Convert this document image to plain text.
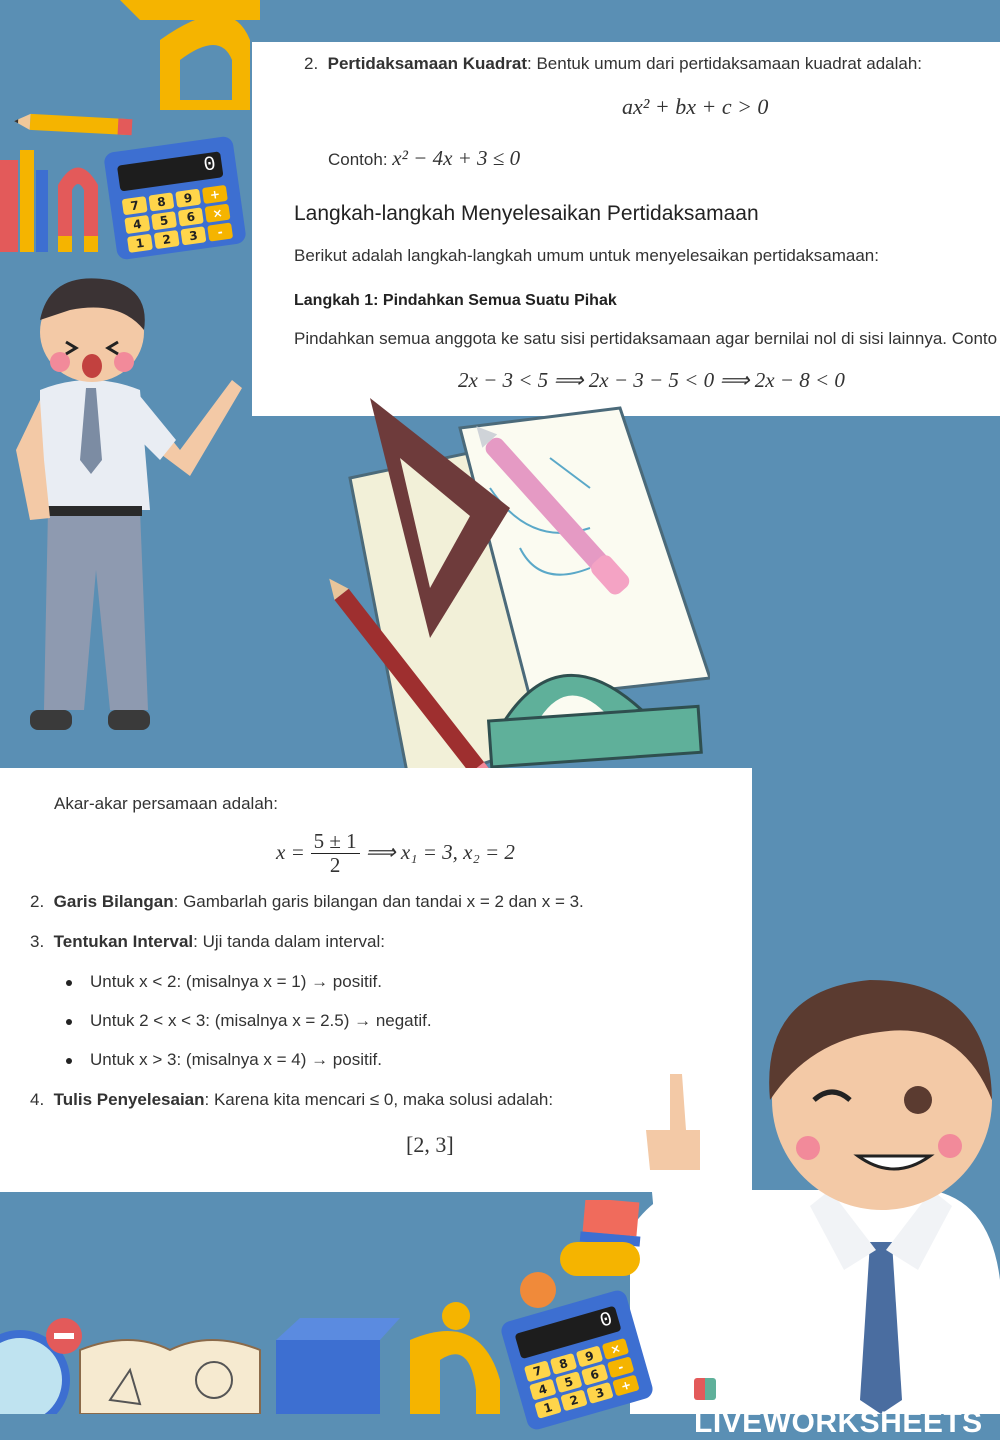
0
7	8	9	+
4	5	6	×
1	2	3	-
2. Pertidaksamaan Kuadrat: Bentuk umum dari pertidaksamaan kuadrat adalah:
ax² + bx + c > 0
Contoh: x² − 4x + 3 ≤ 0
Langkah-langkah Menyelesaikan Pertidaksamaan
Berikut adalah langkah-langkah umum untuk menyelesaikan pertidaksamaan:
Langkah 1: Pindahkan Semua Suatu Pihak
Pindahkan semua anggota ke satu sisi pertidaksamaan agar bernilai nol di sisi lainnya. Conto
2x − 3 < 5 ⟹ 2x − 3 − 5 < 0 ⟹ 2x − 8 < 0
Akar-akar persamaan adalah:
$x = \frac{5 \pm 1}{2}$ ⟹ x₁ = 3, x₂ = 2
2. Garis Bilangan: Gambarlah garis bilangan dan tandai x = 2 dan x = 3.
3. Tentukan Interval: Uji tanda dalam interval:
Untuk x < 2: (misalnya x = 1) → positif.
Untuk 2 < x < 3: (misalnya x = 2.5) → negatif.
Untuk x > 3: (misalnya x = 4) → positif.
4. Tulis Penyelesaian: Karena kita mencari ≤ 0, maka solusi adalah:
[2, 3]
0
7	8	9	×
4	5	6	-
1	2	3	+
LIVEWORKSHEETS
